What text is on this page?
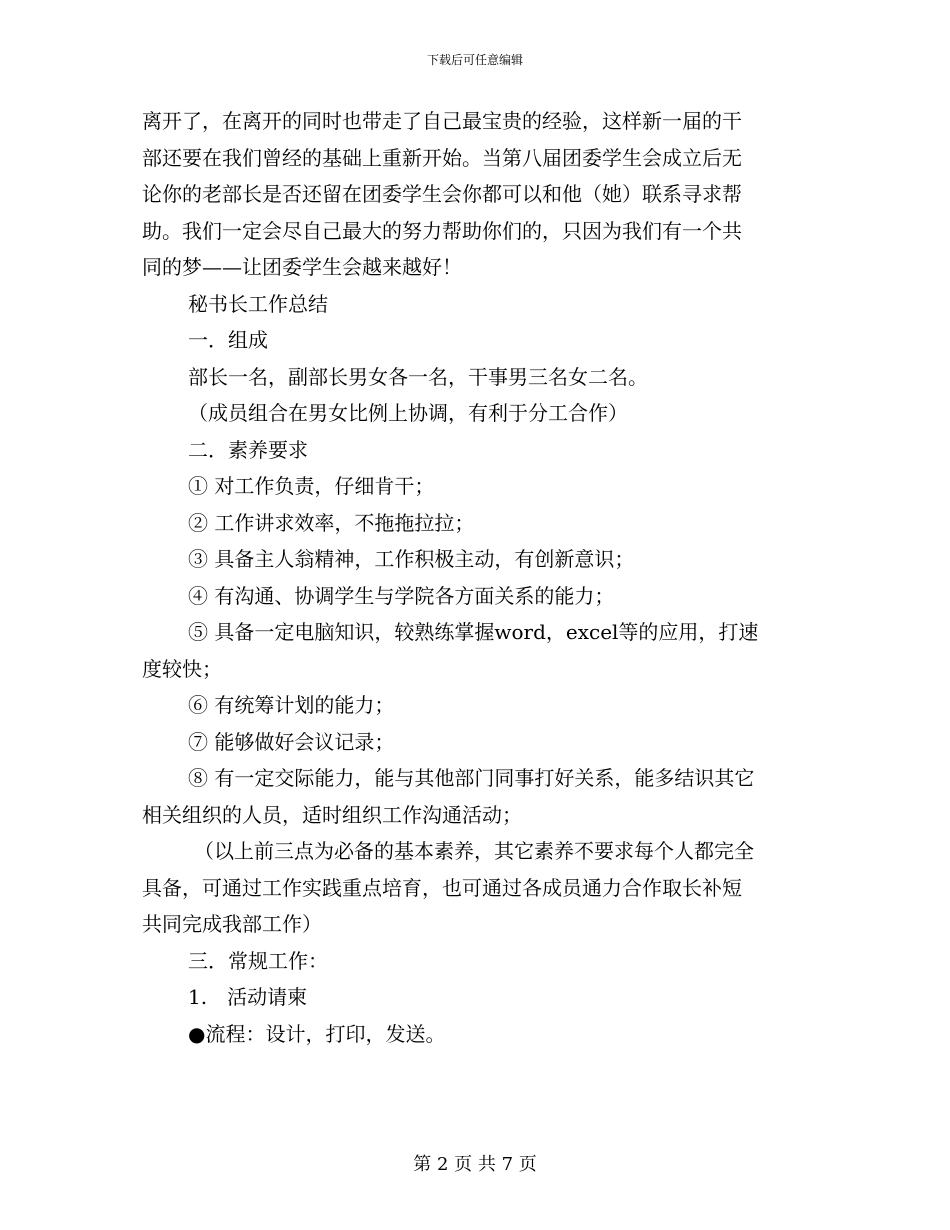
下载后可任意编辑

离开了，在离开的同时也带走了自己最宝贵的经验，这样新一届的干

部还要在我们曾经的基础上重新开始。当第八届团委学生会成立后无

论你的老部长是否还留在团委学生会你都可以和他（她）联系寻求帮

助。我们一定会尽自己最大的努力帮助你们的，只因为我们有一个共

同的梦——让团委学生会越来越好！

秘书长工作总结

一．组成

部长一名，副部长男女各一名，干事男三名女二名。

（成员组合在男女比例上协调，有利于分工合作）

二．素养要求

① 对工作负责，仔细肯干；

② 工作讲求效率，不拖拖拉拉；

③ 具备主人翁精神，工作积极主动，有创新意识；

④ 有沟通、协调学生与学院各方面关系的能力；

⑤ 具备一定电脑知识，较熟练掌握word，excel等的应用，打速

度较快；

⑥ 有统筹计划的能力；

⑦ 能够做好会议记录；

⑧ 有一定交际能力，能与其他部门同事打好关系，能多结识其它

相关组织的人员，适时组织工作沟通活动；

（以上前三点为必备的基本素养，其它素养不要求每个人都完全

具备，可通过工作实践重点培育，也可通过各成员通力合作取长补短

共同完成我部工作）

三．常规工作：

1.　活动请柬

●流程：设计，打印，发送。

第 2 页 共 7 页
